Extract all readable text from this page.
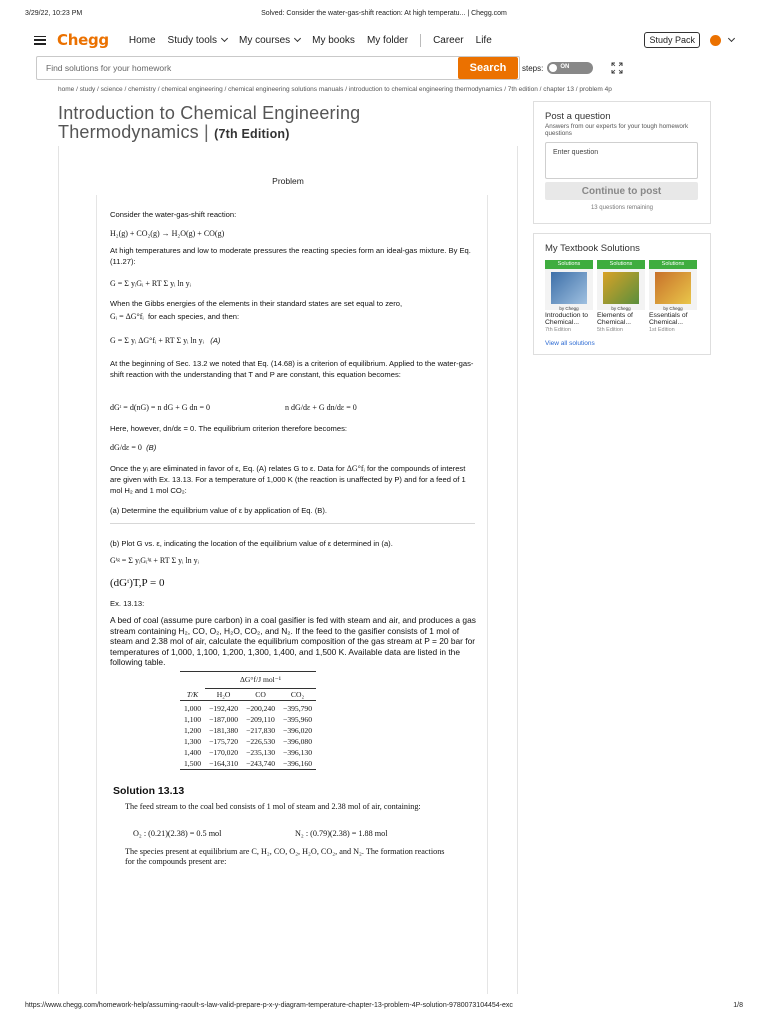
3/29/22, 10:23 PM	Solved: Consider the water-gas-shift reaction: At high temperatu... | Chegg.com
Chegg Home Study tools My courses My books My folder	Career Life	Study Pack
Find solutions for your homework	Search	steps:	ON
home / study / science / chemistry / chemical engineering / chemical engineering solutions manuals / introduction to chemical engineering thermodynamics / 7th edition / chapter 13 / problem 4p
Introduction to Chemical Engineering Thermodynamics | (7th Edition)
Problem
Consider the water-gas-shift reaction:
H₂(g) + CO₂(g) → H₂O(g) + CO(g)
At high temperatures and low to moderate pressures the reacting species form an ideal-gas mixture. By Eq. (11.27):
G = Σ yᵢGᵢ + RT Σ yᵢ ln yᵢ
When the Gibbs energies of the elements in their standard states are set equal to zero,
Gᵢ = ΔG°fᵢ for each species, and then:
G = Σ yᵢ ΔG°fᵢ + RT Σ yᵢ ln yᵢ (A)
At the beginning of Sec. 13.2 we noted that Eq. (14.68) is a criterion of equilibrium. Applied to the water-gas-shift reaction with the understanding that T and P are constant, this equation becomes:
dGᵗ = d(nG) = n dG + G dn = 0	n dG/dε + G dn/dε = 0
Here, however, dn/dε = 0. The equilibrium criterion therefore becomes:
dG/dε = 0 (B)
Once the yᵢ are eliminated in favor of ε, Eq. (A) relates G to ε. Data for ΔG°fᵢ for the compounds of interest are given with Ex. 13.13. For a temperature of 1,000 K (the reaction is unaffected by P) and for a feed of 1 mol H₂ and 1 mol CO₂:
(a) Determine the equilibrium value of ε by application of Eq. (B).
(b) Plot G vs. ε, indicating the location of the equilibrium value of ε determined in (a).
Gⁱᵍ = Σ yᵢGᵢⁱᵍ + RT Σ yᵢ ln yᵢ
(dGᵗ)T,P = 0
Ex. 13.13:
A bed of coal (assume pure carbon) in a coal gasifier is fed with steam and air, and produces a gas stream containing H₂, CO, O₂, H₂O, CO₂, and N₂. If the feed to the gasifier consists of 1 mol of steam and 2.38 mol of air, calculate the equilibrium composition of the gas stream at P = 20 bar for temperatures of 1,000, 1,100, 1,200, 1,300, 1,400, and 1,500 K. Available data are listed in the following table.
	ΔG°f/J mol⁻¹		
T/K	H₂O	CO	CO₂
1,000	−192,420	−200,240	−395,790
1,100	−187,000	−209,110	−395,960
1,200	−181,380	−217,830	−396,020
1,300	−175,720	−226,530	−396,080
1,400	−170,020	−235,130	−396,130
1,500	−164,310	−243,740	−396,160
Solution 13.13
The feed stream to the coal bed consists of 1 mol of steam and 2.38 mol of air, containing:
O₂ : (0.21)(2.38) = 0.5 mol	N₂ : (0.79)(2.38) = 1.88 mol
The species present at equilibrium are C, H₂, CO, O₂, H₂O, CO₂, and N₂. The formation reactions for the compounds present are:
Post a question
Answers from our experts for your tough homework questions
Enter question
Continue to post
13 questions remaining
My Textbook Solutions
Solutions
by Chegg
Introduction to Chemical...
7th Edition
Solutions
by Chegg
Elements of Chemical...
5th Edition
Solutions
by Chegg
Essentials of Chemical...
1st Edition
View all solutions
https://www.chegg.com/homework-help/assuming-raoult-s-law-valid-prepare-p-x-y-diagram-temperature-chapter-13-problem-4P-solution-9780073104454-exc	1/8
